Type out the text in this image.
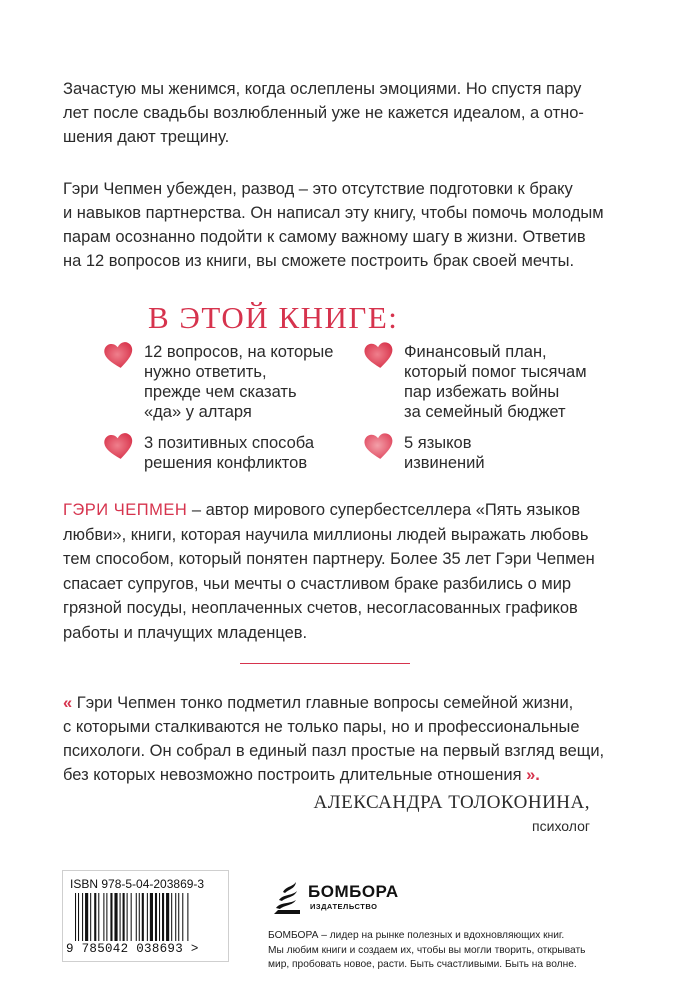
Зачастую мы женимся, когда ослеплены эмоциями. Но спустя пару
лет после свадьбы возлюбленный уже не кажется идеалом, а отно-
шения дают трещину.

Гэри Чепмен убежден, развод – это отсутствие подготовки к браку
и навыков партнерства. Он написал эту книгу, чтобы помочь молодым
парам осознанно подойти к самому важному шагу в жизни. Ответив
на 12 вопросов из книги, вы сможете построить брак своей мечты.

В ЭТОЙ КНИГЕ:
12 вопросов, на которые
нужно ответить,
прежде чем сказать
«да» у алтаря
Финансовый план,
который помог тысячам
пар избежать войны
за семейный бюджет
3 позитивных способа
решения конфликтов
5 языков
извинений

ГЭРИ ЧЕПМЕН – автор мирового супербестселлера «Пять языков
любви», книги, которая научила миллионы людей выражать любовь
тем способом, который понятен партнеру. Более 35 лет Гэри Чепмен
спасает супругов, чьи мечты о счастливом браке разбились о мир
грязной посуды, неоплаченных счетов, несогласованных графиков
работы и плачущих младенцев.

« Гэри Чепмен тонко подметил главные вопросы семейной жизни,
с которыми сталкиваются не только пары, но и профессиональные
психологи. Он собрал в единый пазл простые на первый взгляд вещи,
без которых невозможно построить длительные отношения ».

АЛЕКСАНДРА ТОЛОКОНИНА,
психолог
ISBN 978-5-04-203869-3
9 785042 038693 >
БОМБОРА
ИЗДАТЕЛЬСТВО

БОМБОРА – лидер на рынке полезных и вдохновляющих книг.
Мы любим книги и создаем их, чтобы вы могли творить, открывать
мир, пробовать новое, расти. Быть счастливыми. Быть на волне.
